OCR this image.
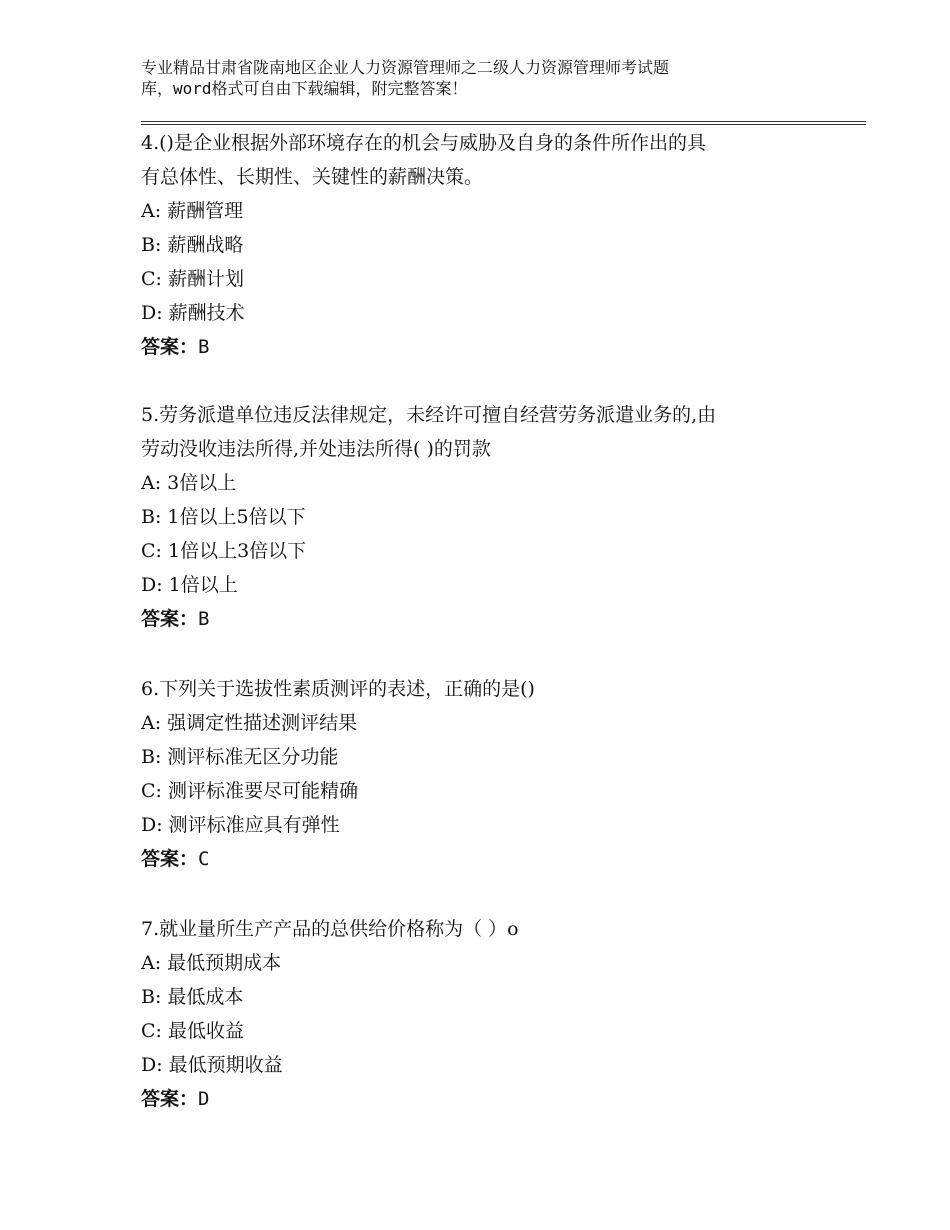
专业精品甘肃省陇南地区企业人力资源管理师之二级人力资源管理师考试题
库，word格式可自由下载编辑，附完整答案！
4.()是企业根据外部环境存在的机会与威胁及自身的条件所作出的具
有总体性、长期性、关键性的薪酬决策。
A: 薪酬管理
B: 薪酬战略
C: 薪酬计划
D: 薪酬技术
答案：B
5.劳务派遣单位违反法律规定，未经许可擅自经营劳务派遣业务的,由
劳动没收违法所得,并处违法所得( )的罚款
A: 3倍以上
B: 1倍以上5倍以下
C: 1倍以上3倍以下
D: 1倍以上
答案：B
6.下列关于选拔性素质测评的表述，正确的是()
A: 强调定性描述测评结果
B: 测评标准无区分功能
C: 测评标准要尽可能精确
D: 测评标准应具有弹性
答案：C
7.就业量所生产产品的总供给价格称为（ ）o
A: 最低预期成本
B: 最低成本
C: 最低收益
D: 最低预期收益
答案：D
